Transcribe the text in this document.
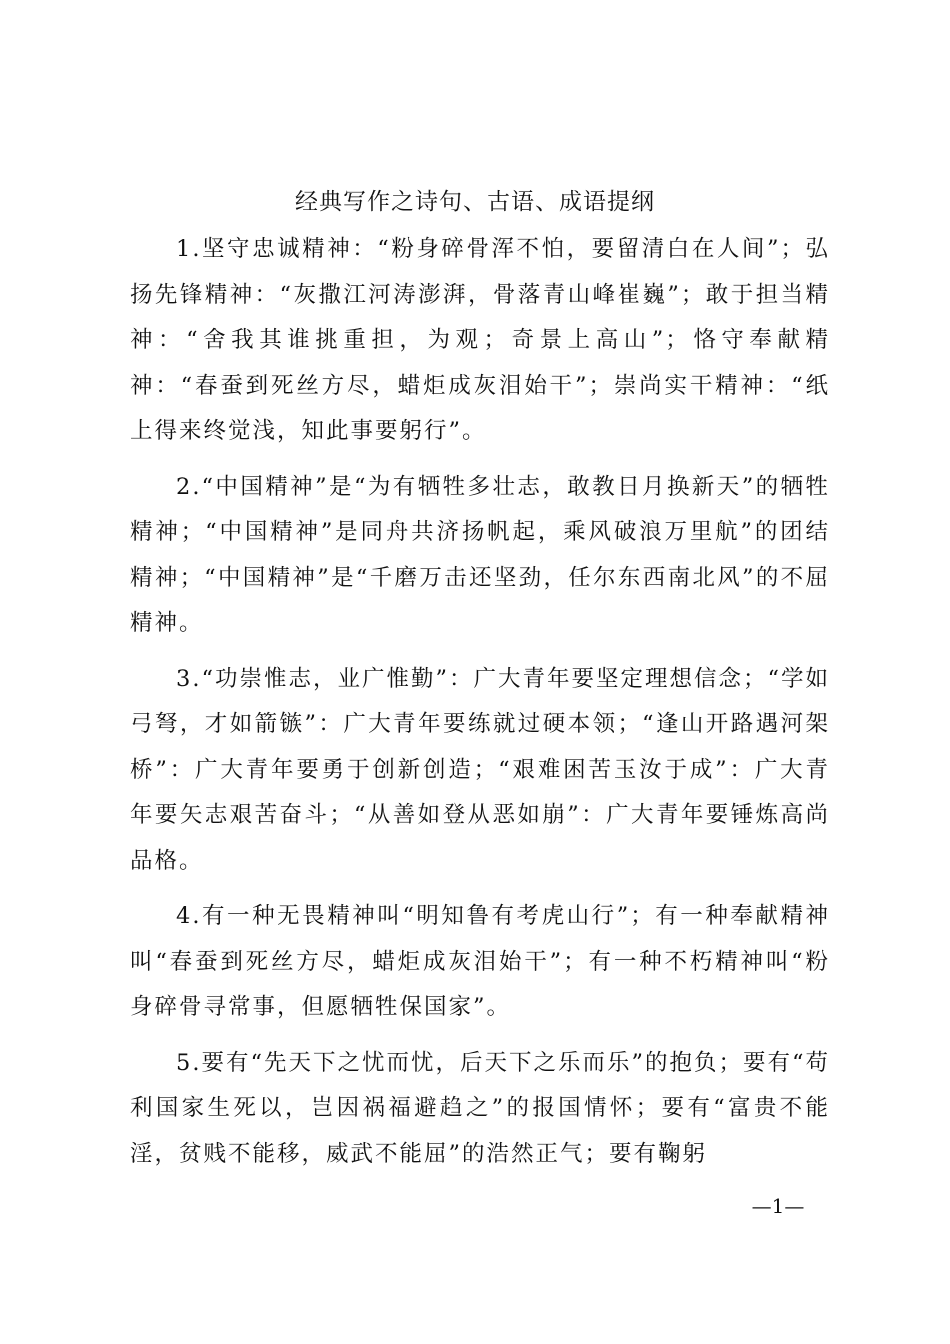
经典写作之诗句、古语、成语提纲

1.坚守忠诚精神：“粉身碎骨浑不怕，要留清白在人间”；弘扬先锋精神：“灰撒江河涛澎湃，骨落青山峰崔巍”；敢于担当精神：“舍我其谁挑重担，为观；奇景上高山”；恪守奉献精神：“春蚕到死丝方尽，蜡炬成灰泪始干”；崇尚实干精神：“纸上得来终觉浅，知此事要躬行”。

2.“中国精神”是“为有牺牲多壮志，敢教日月换新天”的牺牲精神；“中国精神”是同舟共济扬帆起，乘风破浪万里航”的团结精神；“中国精神”是“千磨万击还坚劲，任尔东西南北风”的不屈精神。

3.“功崇惟志，业广惟勤”：广大青年要坚定理想信念；“学如弓弩，才如箭镞”：广大青年要练就过硬本领；“逢山开路遇河架桥”：广大青年要勇于创新创造；“艰难困苦玉汝于成”：广大青年要矢志艰苦奋斗；“从善如登从恶如崩”：广大青年要锤炼高尚品格。

4.有一种无畏精神叫“明知鲁有考虎山行”；有一种奉献精神叫“春蚕到死丝方尽，蜡炬成灰泪始干”；有一种不朽精神叫“粉身碎骨寻常事，但愿牺牲保国家”。

5.要有“先天下之忧而忧，后天下之乐而乐”的抱负；要有“苟利国家生死以，岂因祸福避趋之”的报国情怀；要有“富贵不能淫，贫贱不能移，威武不能屈”的浩然正气；要有鞠躬

—1—
